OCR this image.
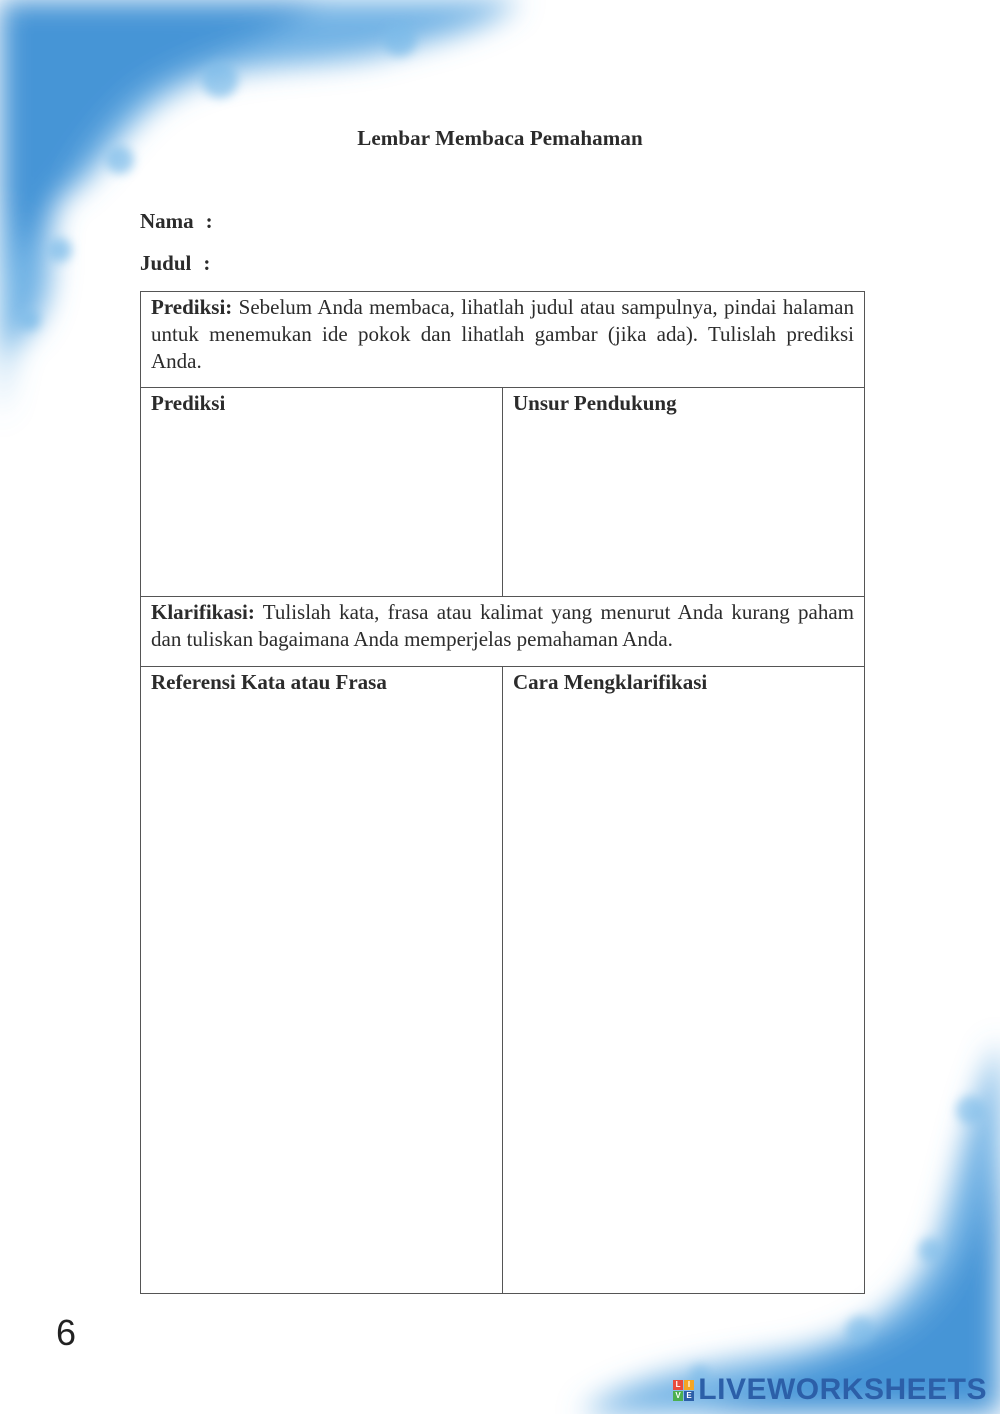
Lembar Membaca Pemahaman
Nama :
Judul :
Prediksi: Sebelum Anda membaca, lihatlah judul atau sampulnya, pindai halaman untuk menemukan ide pokok dan lihatlah gambar (jika ada). Tulislah prediksi Anda.	
Prediksi	Unsur Pendukung
Klarifikasi: Tulislah kata, frasa atau kalimat yang menurut Anda kurang paham dan tuliskan bagaimana Anda memperjelas pemahaman Anda.	
Referensi Kata atau Frasa	Cara Mengklarifikasi
6
L I
V E LIVEWORKSHEETS
